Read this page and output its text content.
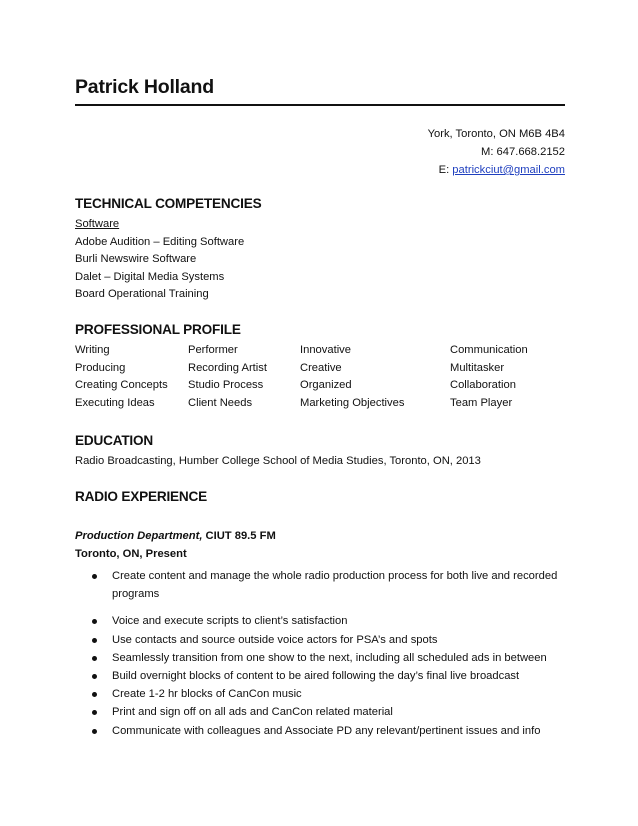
Patrick Holland
York, Toronto, ON M6B 4B4
M: 647.668.2152
E: patrickciut@gmail.com
TECHNICAL COMPETENCIES
Software
Adobe Audition – Editing Software
Burli Newswire Software
Dalet – Digital Media Systems
Board Operational Training
PROFESSIONAL PROFILE
Writing
Producing
Creating Concepts
Executing Ideas
Performer
Recording Artist
Studio Process
Client Needs
Innovative
Creative
Organized
Marketing Objectives
Communication
Multitasker
Collaboration
Team Player
EDUCATION
Radio Broadcasting, Humber College School of Media Studies, Toronto, ON, 2013
RADIO EXPERIENCE
Production Department, CIUT 89.5 FM
Toronto, ON, Present
Create content and manage the whole radio production process for both live and recorded programs
Voice and execute scripts to client’s satisfaction
Use contacts and source outside voice actors for PSA’s and spots
Seamlessly transition from one show to the next, including all scheduled ads in between
Build overnight blocks of content to be aired following the day’s final live broadcast
Create 1-2 hr blocks of CanCon music
Print and sign off on all ads and CanCon related material
Communicate with colleagues and Associate PD any relevant/pertinent issues and info
